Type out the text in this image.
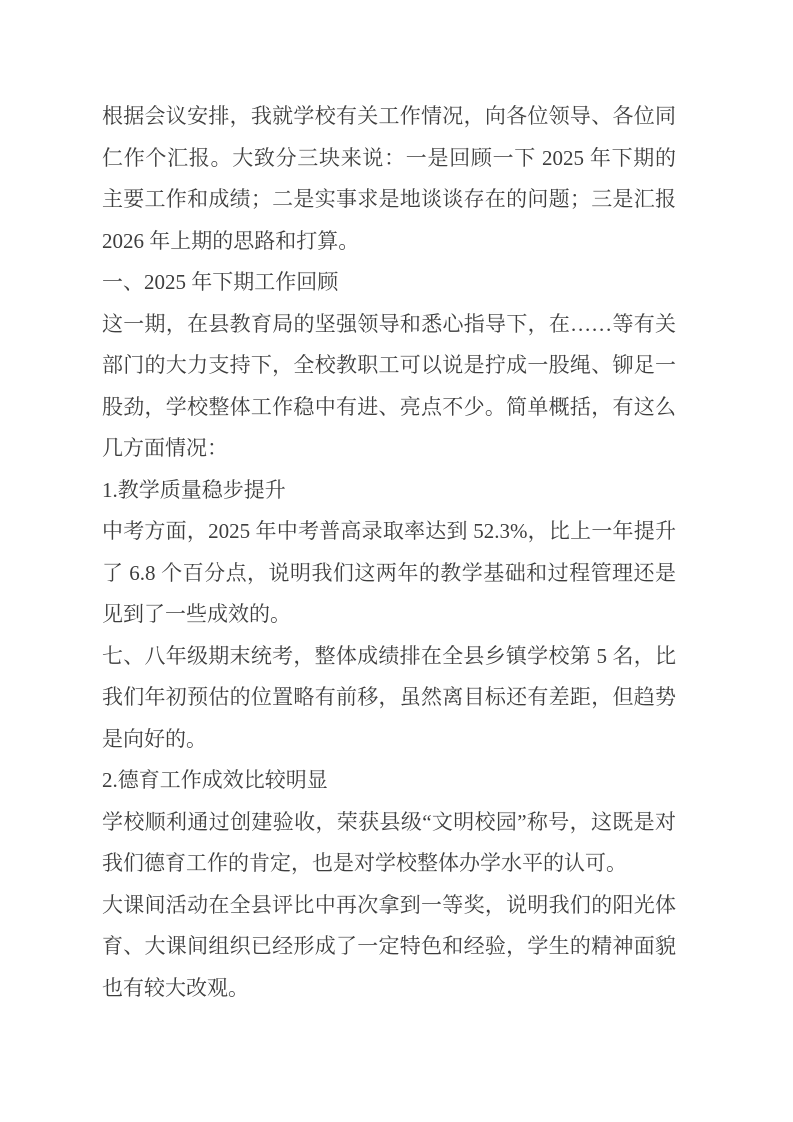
根据会议安排，我就学校有关工作情况，向各位领导、各位同仁作个汇报。大致分三块来说：一是回顾一下 2025 年下期的主要工作和成绩；二是实事求是地谈谈存在的问题；三是汇报 2026 年上期的思路和打算。

一、2025 年下期工作回顾

这一期，在县教育局的坚强领导和悉心指导下，在……等有关部门的大力支持下，全校教职工可以说是拧成一股绳、铆足一股劲，学校整体工作稳中有进、亮点不少。简单概括，有这么几方面情况：

1.教学质量稳步提升

中考方面，2025 年中考普高录取率达到 52.3%，比上一年提升了 6.8 个百分点，说明我们这两年的教学基础和过程管理还是见到了一些成效的。

七、八年级期末统考，整体成绩排在全县乡镇学校第 5 名，比我们年初预估的位置略有前移，虽然离目标还有差距，但趋势是向好的。

2.德育工作成效比较明显

学校顺利通过创建验收，荣获县级“文明校园”称号，这既是对我们德育工作的肯定，也是对学校整体办学水平的认可。

大课间活动在全县评比中再次拿到一等奖，说明我们的阳光体育、大课间组织已经形成了一定特色和经验，学生的精神面貌也有较大改观。
